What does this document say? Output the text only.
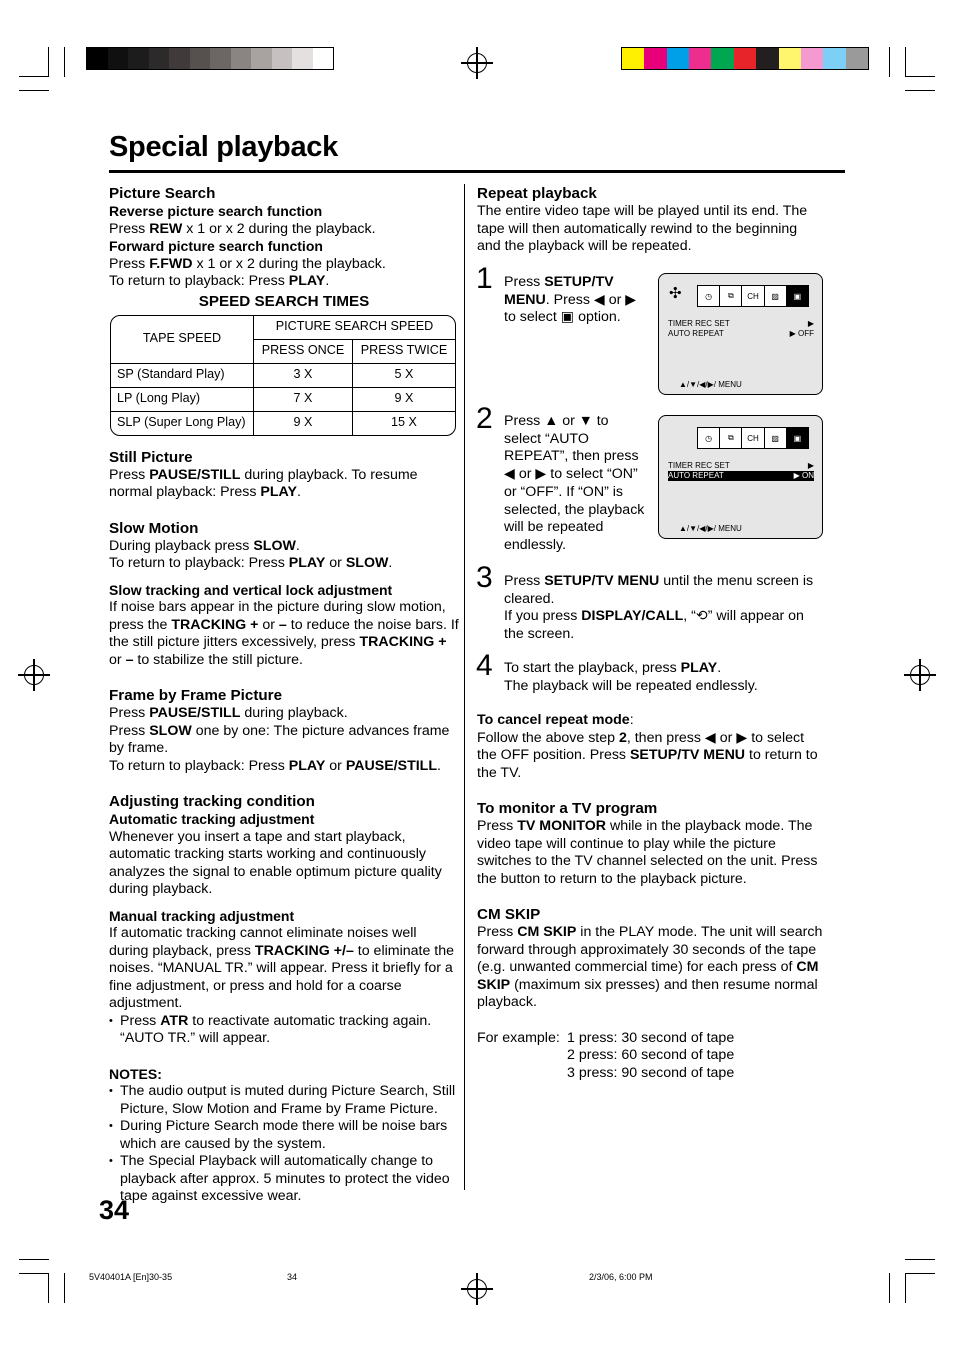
Special playback

Picture Search

Reverse picture search function

Press REW x 1 or x 2 during the playback.

Forward picture search function

Press F.FWD x 1 or x 2 during the playback.

To return to playback: Press PLAY.

SPEED SEARCH TIMES

TAPE SPEED	PICTURE SEARCH SPEED	
	PRESS ONCE	PRESS TWICE
SP (Standard Play)	3 X	5 X
LP (Long Play)	7 X	9 X
SLP (Super Long Play)	9 X	15 X

Still Picture

Press PAUSE/STILL during playback. To resume normal playback: Press PLAY.

Slow Motion

During playback press SLOW.

To return to playback: Press PLAY or SLOW.

Slow tracking and vertical lock adjustment

If noise bars appear in the picture during slow motion, press the TRACKING + or – to reduce the noise bars. If the still picture jitters excessively, press TRACKING + or – to stabilize the still picture.

Frame by Frame Picture

Press PAUSE/STILL during playback.

Press SLOW one by one: The picture advances frame by frame.

To return to playback: Press PLAY or PAUSE/STILL.

Adjusting tracking condition

Automatic tracking adjustment

Whenever you insert a tape and start playback, automatic tracking starts working and continuously analyzes the signal to enable optimum picture quality during playback.

Manual tracking adjustment

If automatic tracking cannot eliminate noises well during playback, press TRACKING +/– to eliminate the noises. “MANUAL TR.” will appear. Press it briefly for a fine adjustment, or press and hold for a coarse adjustment.

• Press ATR to reactivate automatic tracking again. “AUTO TR.” will appear.

NOTES:

• The audio output is muted during Picture Search, Still Picture, Slow Motion and Frame by Frame Picture.

• During Picture Search mode there will be noise bars which are caused by the system.

• The Special Playback will automatically change to playback after approx. 5 minutes to protect the video tape against excessive wear.

Repeat playback

The entire video tape will be played until its end. The tape will then automatically rewind to the beginning and the playback will be repeated.

1 Press SETUP/TV MENU. Press ◀ or ▶ to select ▣ option.
✣	◷	⧉	CH	▨	▣
TIMER REC SET	▶
AUTO REPEAT	▶ OFF
▲/▼/◀/▶/ MENU
2 Press ▲ or ▼ to select “AUTO REPEAT”, then press ◀ or ▶ to select “ON” or “OFF”. If “ON” is selected, the playback will be repeated endlessly.
◷	⧉	CH	▨	▣
TIMER REC SET	▶
AUTO REPEAT	▶ ON
▲/▼/◀/▶/ MENU
3 Press SETUP/TV MENU until the menu screen is cleared.
If you press DISPLAY/CALL, “⟲” will appear on the screen.
4 To start the playback, press PLAY.
The playback will be repeated endlessly.

To cancel repeat mode:

Follow the above step 2, then press ◀ or ▶ to select the OFF position. Press SETUP/TV MENU to return to the TV.

To monitor a TV program

Press TV MONITOR while in the playback mode. The video tape will continue to play while the picture switches to the TV channel selected on the unit. Press the button to return to the playback picture.

CM SKIP

Press CM SKIP in the PLAY mode. The unit will search forward through approximately 30 seconds of the tape (e.g. unwanted commercial time) for each press of CM SKIP (maximum six presses) and then resume normal playback.

For example: 1 press: 30 second of tape
2 press: 60 second of tape
3 press: 90 second of tape
34
5V40401A [En]30-35	34	2/3/06, 6:00 PM
